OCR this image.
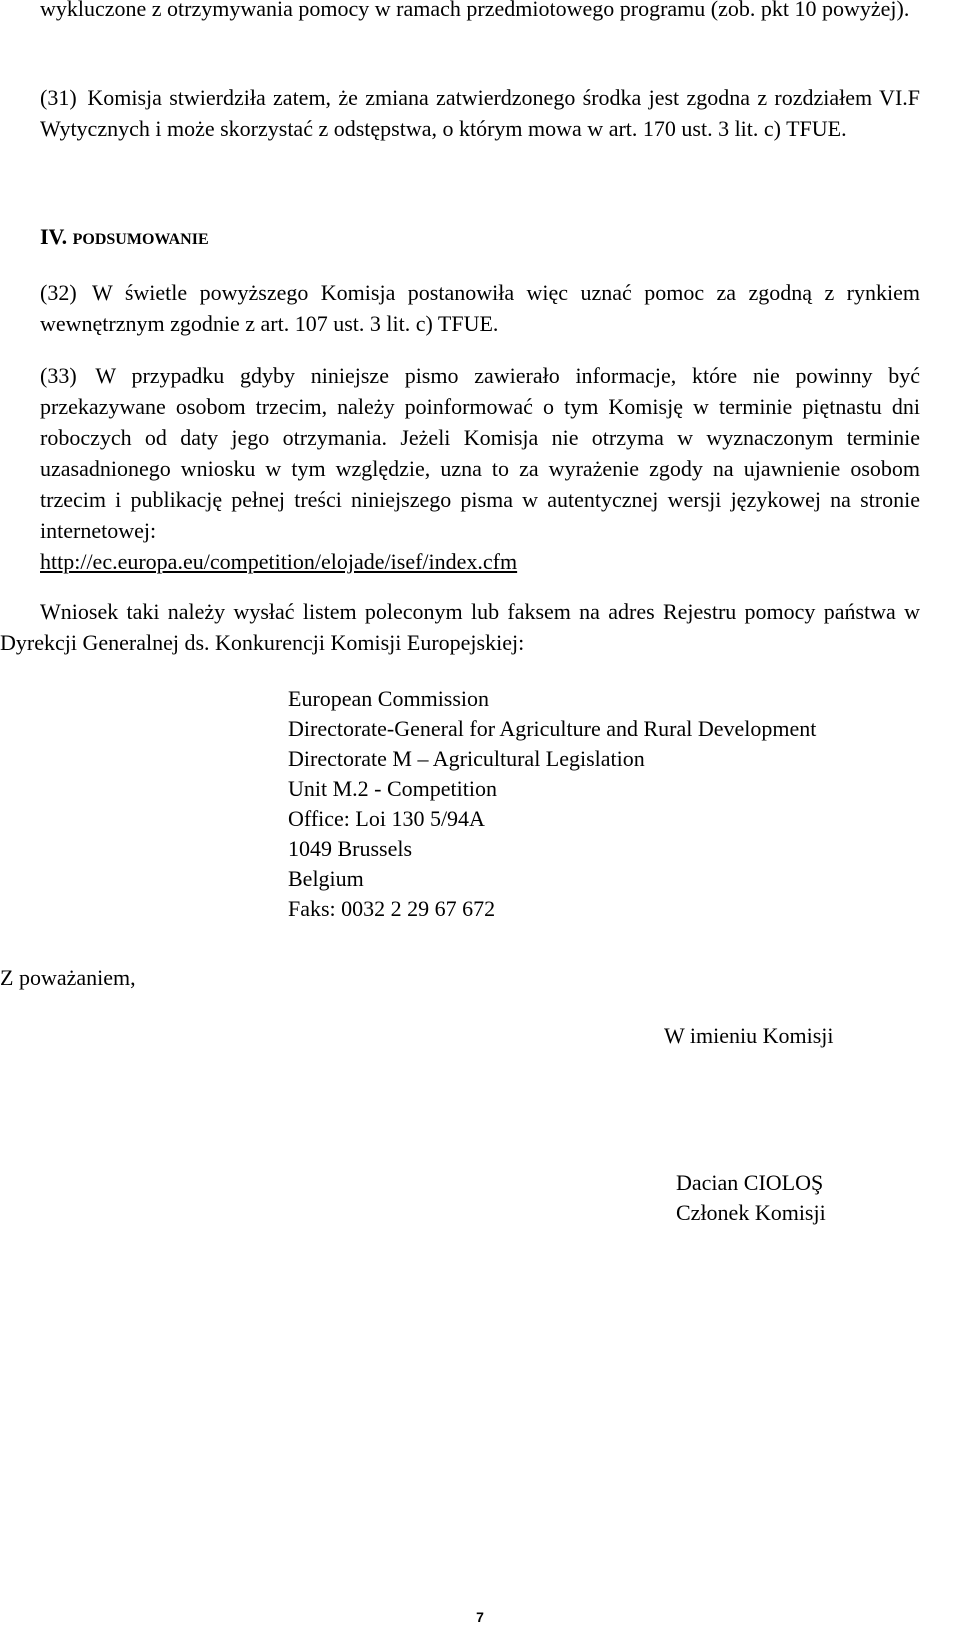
wykluczone z otrzymywania pomocy w ramach przedmiotowego programu (zob. pkt 10 powyżej).

(31) Komisja stwierdziła zatem, że zmiana zatwierdzonego środka jest zgodna z rozdziałem VI.F Wytycznych i może skorzystać z odstępstwa, o którym mowa w art. 170 ust. 3 lit. c) TFUE.

IV. PODSUMOWANIE

(32) W świetle powyższego Komisja postanowiła więc uznać pomoc za zgodną z rynkiem wewnętrznym zgodnie z art. 107 ust. 3 lit. c) TFUE.

(33) W przypadku gdyby niniejsze pismo zawierało informacje, które nie powinny być przekazywane osobom trzecim, należy poinformować o tym Komisję w terminie piętnastu dni roboczych od daty jego otrzymania. Jeżeli Komisja nie otrzyma w wyznaczonym terminie uzasadnionego wniosku w tym względzie, uzna to za wyrażenie zgody na ujawnienie osobom trzecim i publikację pełnej treści niniejszego pisma w autentycznej wersji językowej na stronie internetowej:
http://ec.europa.eu/competition/elojade/isef/index.cfm

Wniosek taki należy wysłać listem poleconym lub faksem na adres Rejestru pomocy państwa w Dyrekcji Generalnej ds. Konkurencji Komisji Europejskiej:

European Commission
Directorate-General for Agriculture and Rural Development
Directorate M – Agricultural Legislation
Unit M.2 - Competition
Office: Loi 130 5/94A
1049 Brussels
Belgium
Faks: 0032 2 29 67 672

Z poważaniem,

W imieniu Komisji

Dacian CIOLOŞ
Członek Komisji
7
